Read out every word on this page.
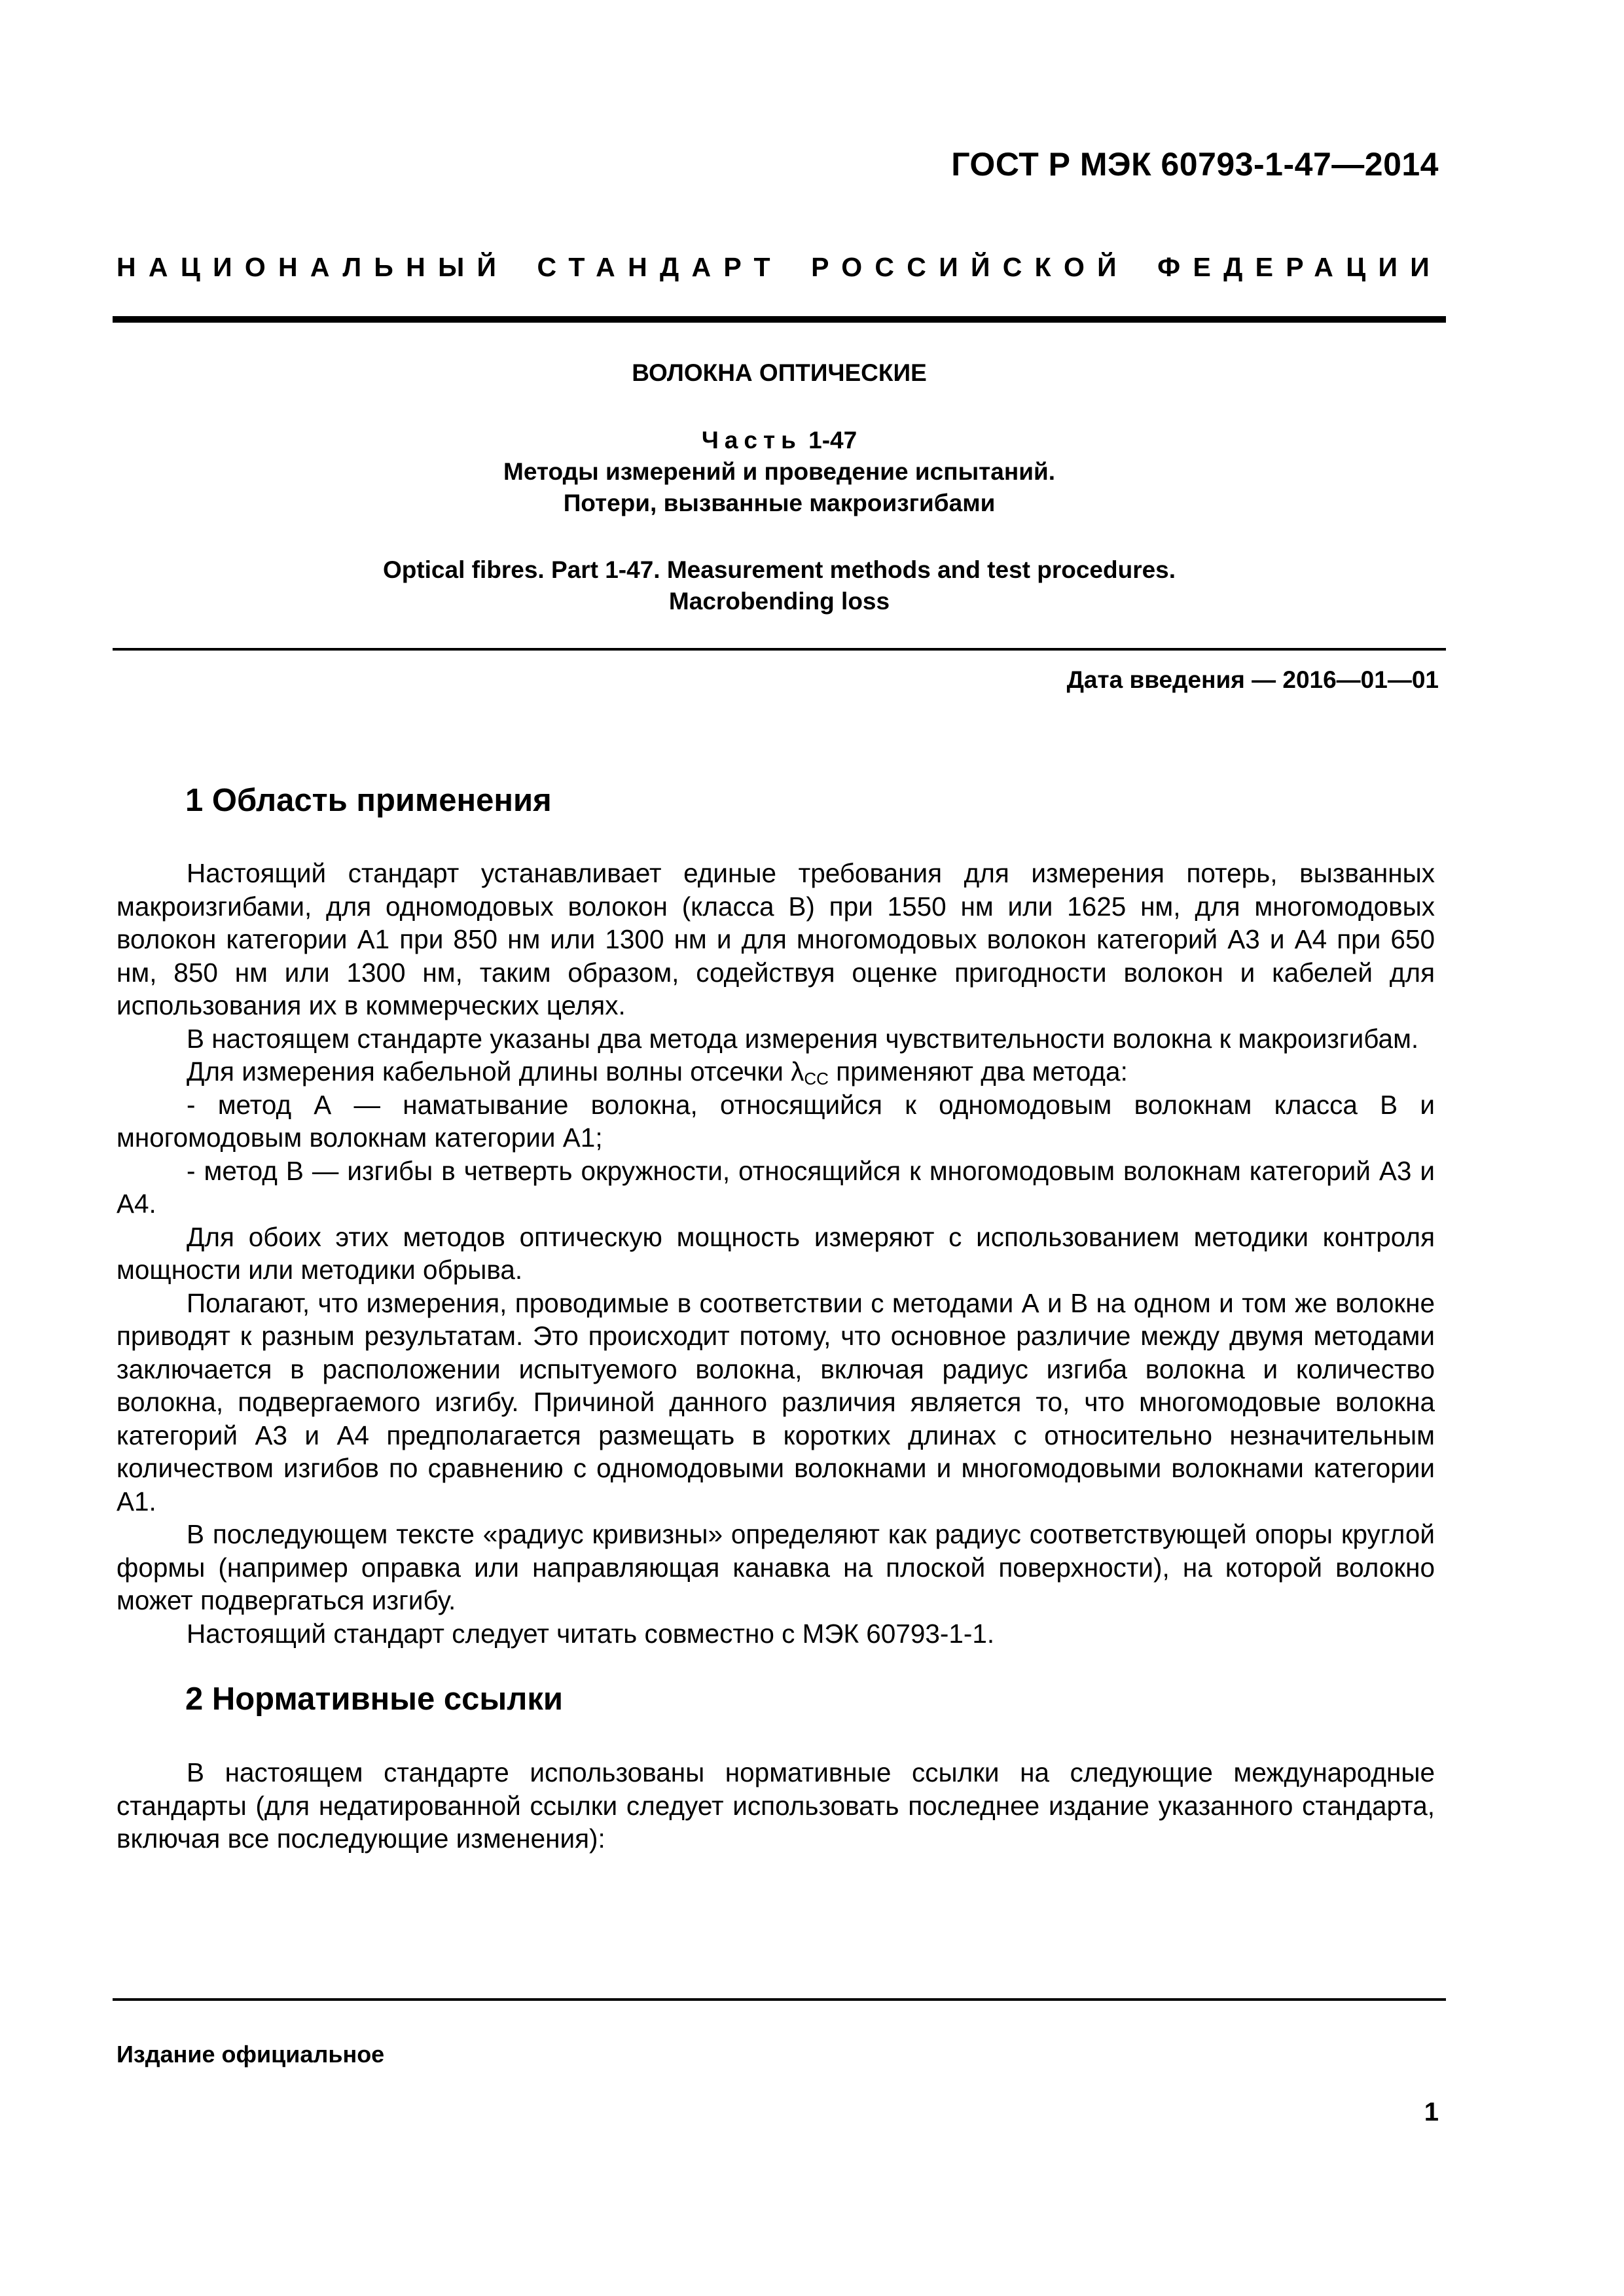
ГОСТ Р МЭК 60793-1-47—2014
НАЦИОНАЛЬНЫЙ СТАНДАРТ РОССИЙСКОЙ ФЕДЕРАЦИИ
ВОЛОКНА ОПТИЧЕСКИЕ
Часть 1-47
Методы измерений и проведение испытаний.
Потери, вызванные макроизгибами
Optical fibres. Part 1-47. Measurement methods and test procedures.
Macrobending loss
Дата введения — 2016—01—01
1 Область применения

Настоящий стандарт устанавливает единые требования для измерения потерь, вызванных макроизгибами, для одномодовых волокон (класса B) при 1550 нм или 1625 нм, для многомодовых волокон категории А1 при 850 нм или 1300 нм и для многомодовых волокон категорий А3 и А4 при 650 нм, 850 нм или 1300 нм, таким образом, содействуя оценке пригодности волокон и кабелей для использования их в коммерческих целях.

В настоящем стандарте указаны два метода измерения чувствительности волокна к макроизгибам.

Для измерения кабельной длины волны отсечки $\lambda_{CC}$ применяют два метода:

- метод А — наматывание волокна, относящийся к одномодовым волокнам класса В и многомодовым волокнам категории А1;

- метод В — изгибы в четверть окружности, относящийся к многомодовым волокнам категорий А3 и А4.

Для обоих этих методов оптическую мощность измеряют с использованием методики контроля мощности или методики обрыва.

Полагают, что измерения, проводимые в соответствии с методами А и В на одном и том же волокне приводят к разным результатам. Это происходит потому, что основное различие между двумя методами заключается в расположении испытуемого волокна, включая радиус изгиба волокна и количество волокна, подвергаемого изгибу. Причиной данного различия является то, что многомодовые волокна категорий А3 и А4 предполагается размещать в коротких длинах с относительно незначительным количеством изгибов по сравнению с одномодовыми волокнами и многомодовыми волокнами категории А1.

В последующем тексте «радиус кривизны» определяют как радиус соответствующей опоры круглой формы (например оправка или направляющая канавка на плоской поверхности), на которой волокно может подвергаться изгибу.

Настоящий стандарт следует читать совместно с МЭК 60793-1-1.

2 Нормативные ссылки

В настоящем стандарте использованы нормативные ссылки на следующие международные стандарты (для недатированной ссылки следует использовать последнее издание указанного стандарта, включая все последующие изменения):

Издание официальное
1
